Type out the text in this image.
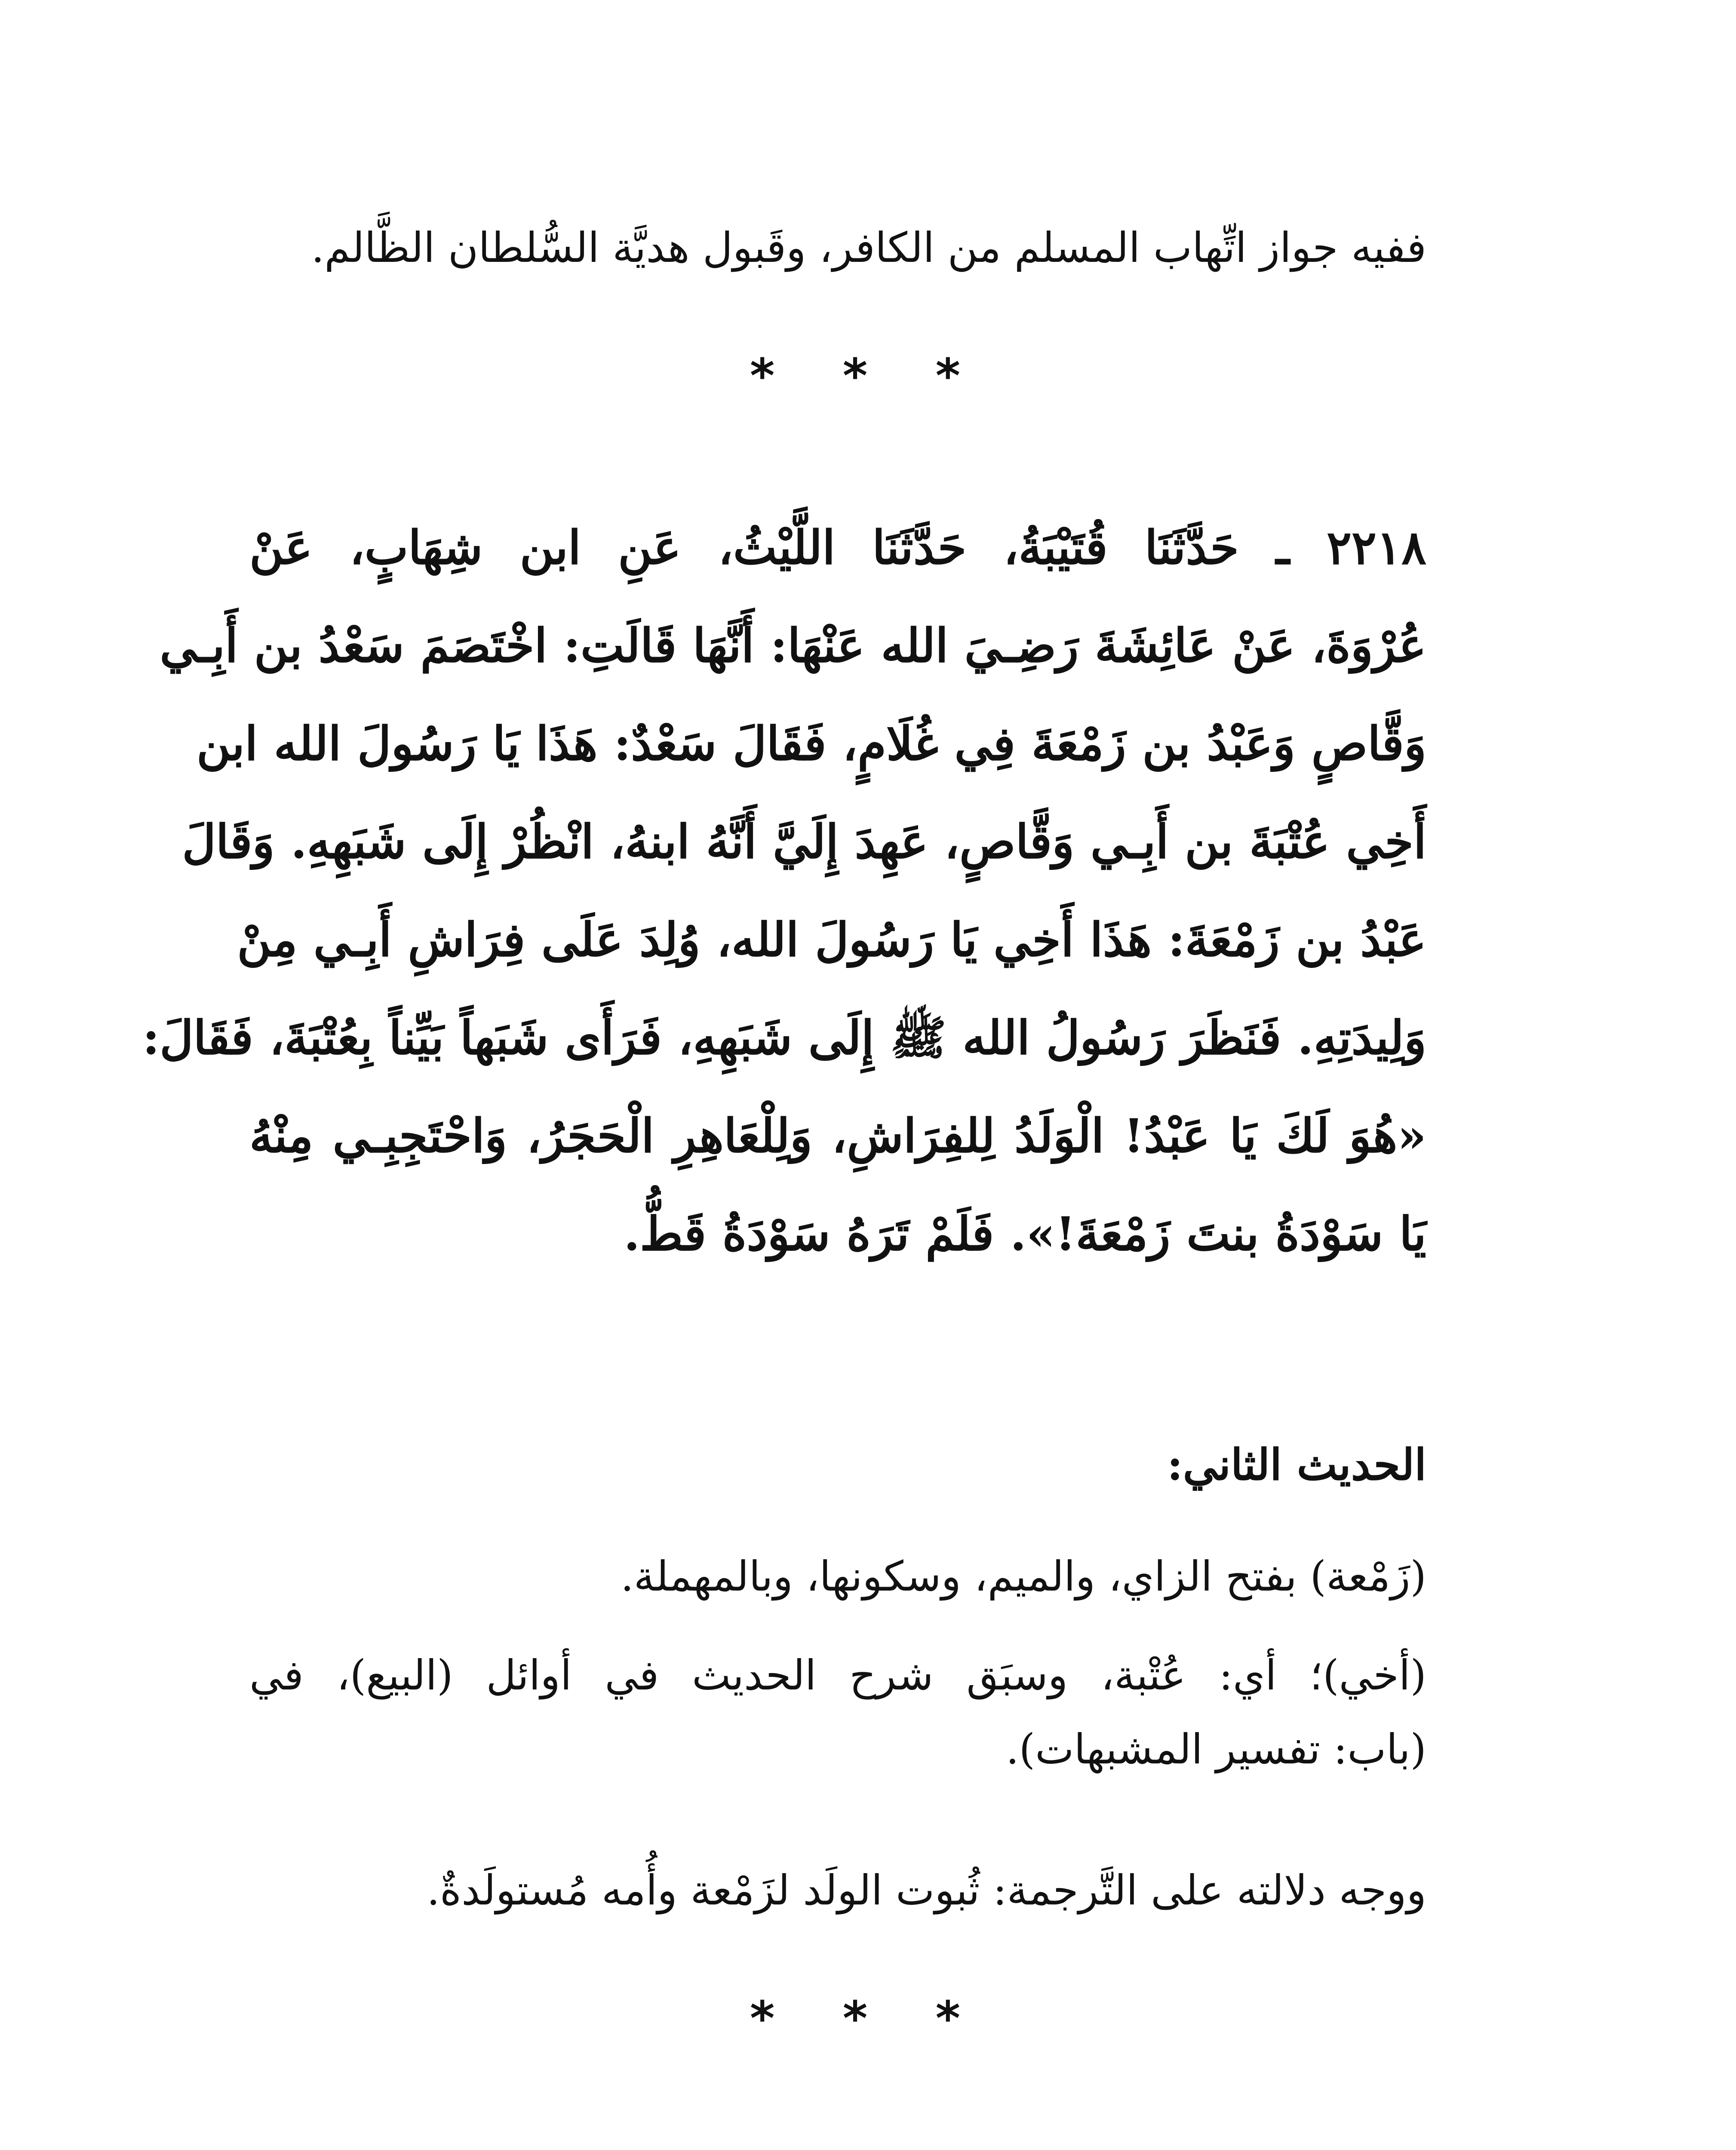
ففيه جواز اتِّهاب المسلم من الكافر، وقَبول هديَّة السُّلطان الظَّالم.
* * *
٢٢١٨ ـ حَدَّثَنَا قُتَيْبَةُ، حَدَّثَنَا اللَّيْثُ، عَنِ ابن شِهَابٍ، عَنْ
عُرْوَةَ، عَنْ عَائِشَةَ رَضِـيَ الله عَنْهَا: أَنَّهَا قَالَتِ: اخْتَصَمَ سَعْدُ بن أَبِـي
وَقَّاصٍ وَعَبْدُ بن زَمْعَةَ فِي غُلَامٍ، فَقَالَ سَعْدٌ: هَذَا يَا رَسُولَ الله ابن
أَخِي عُتْبَةَ بن أَبِـي وَقَّاصٍ، عَهِدَ إِلَيَّ أَنَّهُ ابنهُ، انْظُرْ إِلَى شَبَهِهِ. وَقَالَ
عَبْدُ بن زَمْعَةَ: هَذَا أَخِي يَا رَسُولَ الله، وُلِدَ عَلَى فِرَاشِ أَبِـي مِنْ
وَلِيدَتِهِ. فَنَظَرَ رَسُولُ الله ﷺ إِلَى شَبَهِهِ، فَرَأَى شَبَهاً بَيِّناً بِعُتْبَةَ، فَقَالَ:
«هُوَ لَكَ يَا عَبْدُ! الْوَلَدُ لِلفِرَاشِ، وَلِلْعَاهِرِ الْحَجَرُ، وَاحْتَجِبِـي مِنْهُ
يَا سَوْدَةُ بنتَ زَمْعَةَ!». فَلَمْ تَرَهُ سَوْدَةُ قَطُّ.
الحديث الثاني:
(زَمْعة) بفتح الزاي، والميم، وسكونها، وبالمهملة.
(أخي)؛ أي: عُتْبة، وسبَق شرح الحديث في أوائل (البيع)، في
(باب: تفسير المشبهات).
ووجه دلالته على التَّرجمة: ثُبوت الولَد لزَمْعة وأُمه مُستولَدةٌ.
* * *
